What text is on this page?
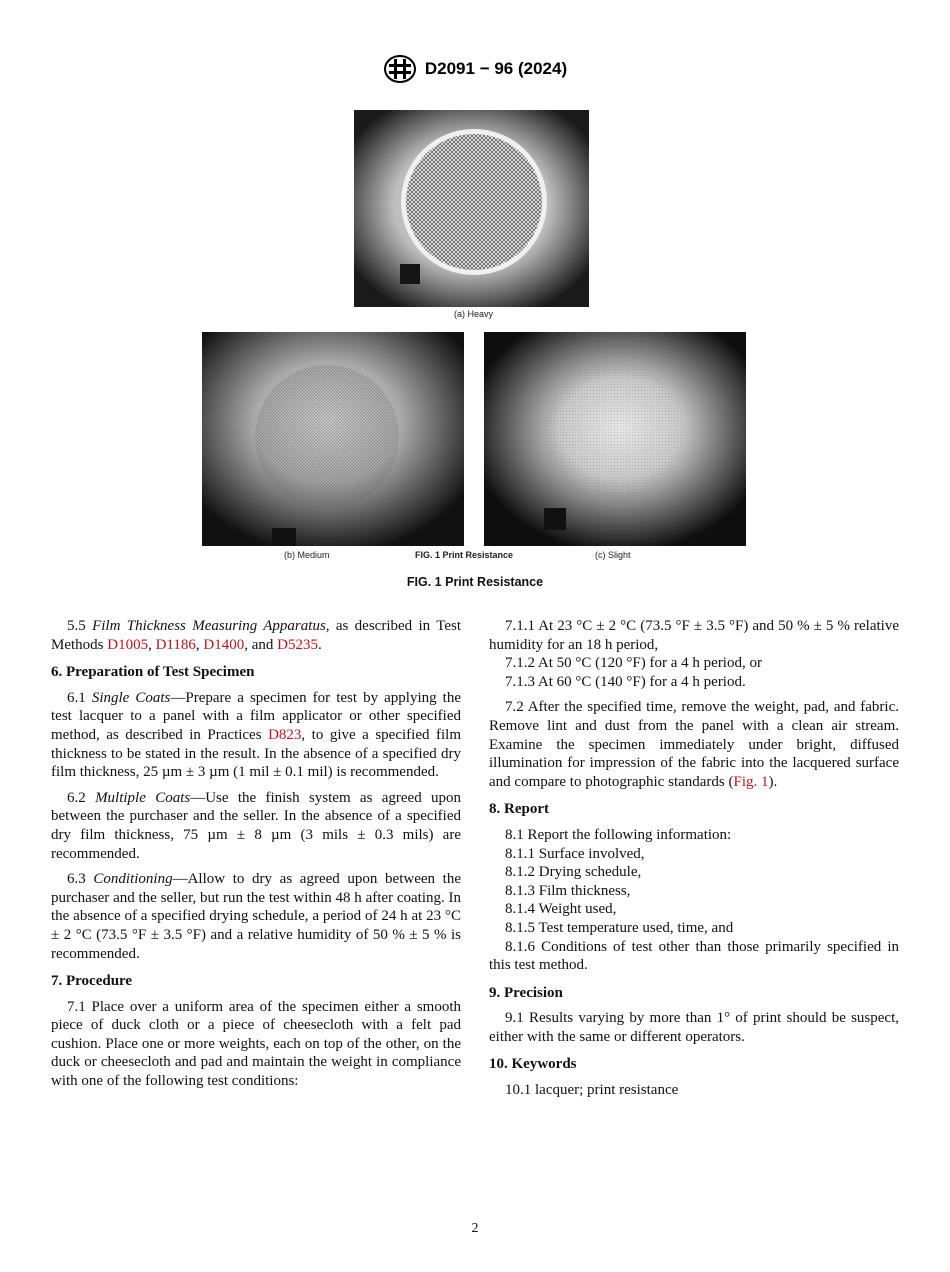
D2091 − 96 (2024)
(a) Heavy
(b) Medium	FIG. 1 Print Resistance	(c) Slight
FIG. 1 Print Resistance

5.5 Film Thickness Measuring Apparatus, as described in Test Methods D1005, D1186, D1400, and D5235.

6. Preparation of Test Specimen

6.1 Single Coats—Prepare a specimen for test by applying the test lacquer to a panel with a film applicator or other specified method, as described in Practices D823, to give a specified film thickness to be stated in the result. In the absence of a specified dry film thickness, 25 µm ± 3 µm (1 mil ± 0.1 mil) is recommended.

6.2 Multiple Coats—Use the finish system as agreed upon between the purchaser and the seller. In the absence of a specified dry film thickness, 75 µm ± 8 µm (3 mils ± 0.3 mils) are recommended.

6.3 Conditioning—Allow to dry as agreed upon between the purchaser and the seller, but run the test within 48 h after coating. In the absence of a specified drying schedule, a period of 24 h at 23 °C ± 2 °C (73.5 °F ± 3.5 °F) and a relative humidity of 50 % ± 5 % is recommended.

7. Procedure

7.1 Place over a uniform area of the specimen either a smooth piece of duck cloth or a piece of cheesecloth with a felt pad cushion. Place one or more weights, each on top of the other, on the duck or cheesecloth and pad and maintain the weight in compliance with one of the following test conditions:

7.1.1 At 23 °C ± 2 °C (73.5 °F ± 3.5 °F) and 50 % ± 5 % relative humidity for an 18 h period,

7.1.2 At 50 °C (120 °F) for a 4 h period, or

7.1.3 At 60 °C (140 °F) for a 4 h period.

7.2 After the specified time, remove the weight, pad, and fabric. Remove lint and dust from the panel with a clean air stream. Examine the specimen immediately under bright, diffused illumination for impression of the fabric into the lacquered surface and compare to photographic standards (Fig. 1).

8. Report

8.1 Report the following information:

8.1.1 Surface involved,

8.1.2 Drying schedule,

8.1.3 Film thickness,

8.1.4 Weight used,

8.1.5 Test temperature used, time, and

8.1.6 Conditions of test other than those primarily specified in this test method.

9. Precision

9.1 Results varying by more than 1° of print should be suspect, either with the same or different operators.

10. Keywords

10.1 lacquer; print resistance

2
